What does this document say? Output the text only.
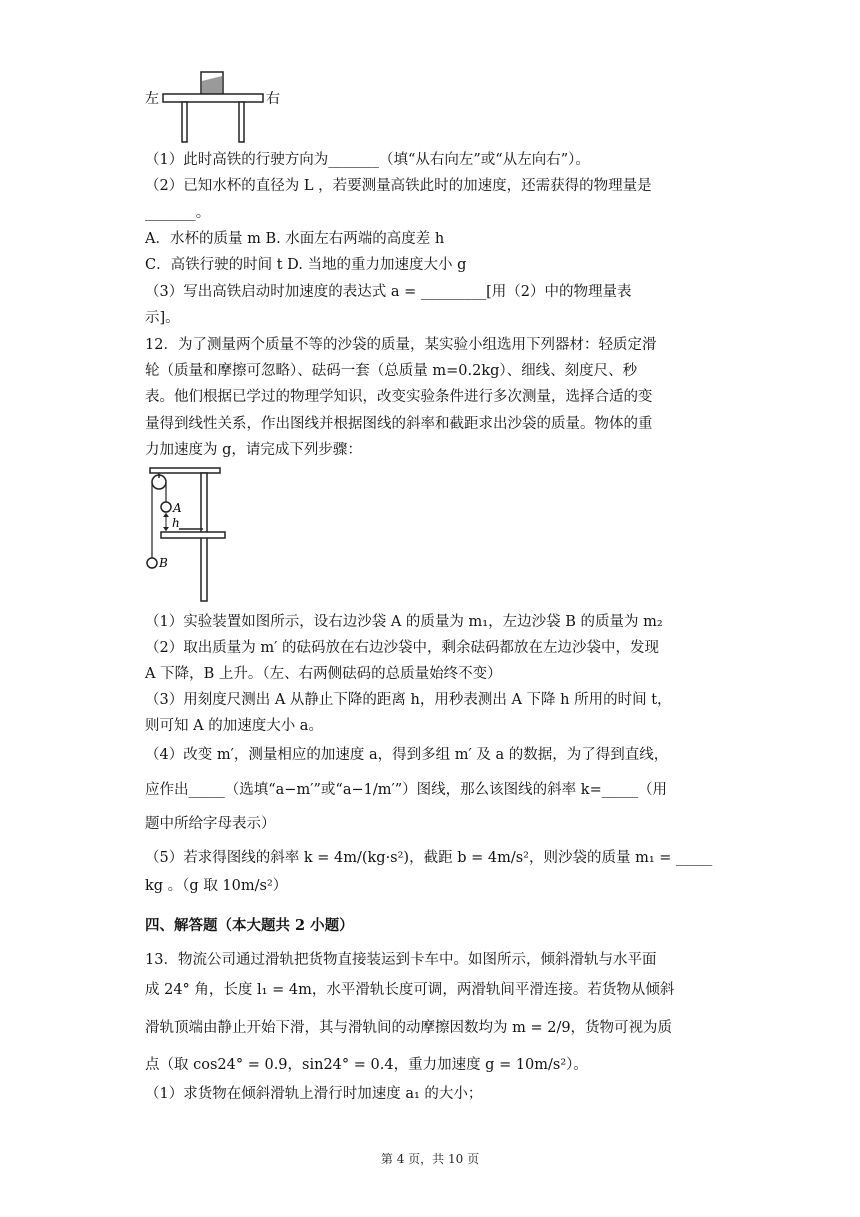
左	右
A
h
B
（1）此时高铁的行驶方向为_______（填“从右向左”或“从左向右”）。
（2）已知水杯的直径为 L ，若要测量高铁此时的加速度，还需获得的物理量是
_______。
A．水杯的质量 m B. 水面左右两端的高度差 h
C．高铁行驶的时间 t D. 当地的重力加速度大小 g
（3）写出高铁启动时加速度的表达式 a = _________[用（2）中的物理量表
示]。
12．为了测量两个质量不等的沙袋的质量，某实验小组选用下列器材：轻质定滑
轮（质量和摩擦可忽略）、砝码一套（总质量 m=0.2kg）、细线、刻度尺、秒
表。他们根据已学过的物理学知识，改变实验条件进行多次测量，选择合适的变
量得到线性关系，作出图线并根据图线的斜率和截距求出沙袋的质量。物体的重
力加速度为 g，请完成下列步骤：
（1）实验装置如图所示，设右边沙袋 A 的质量为 m₁，左边沙袋 B 的质量为 m₂
（2）取出质量为 m′ 的砝码放在右边沙袋中，剩余砝码都放在左边沙袋中，发现
A 下降，B 上升。（左、右两侧砝码的总质量始终不变）
（3）用刻度尺测出 A 从静止下降的距离 h，用秒表测出 A 下降 h 所用的时间 t，
则可知 A 的加速度大小 a。
（4）改变 m′，测量相应的加速度 a，得到多组 m′ 及 a 的数据，为了得到直线，
应作出_____（选填“a−m′”或“a−1/m′”）图线，那么该图线的斜率 k=_____（用
题中所给字母表示）
（5）若求得图线的斜率 k = 4m/(kg·s²)，截距 b = 4m/s²，则沙袋的质量 m₁ = _____
kg 。（g 取 10m/s²）
四、解答题（本大题共 2 小题）
13．物流公司通过滑轨把货物直接装运到卡车中。如图所示，倾斜滑轨与水平面
成 24° 角，长度 l₁ = 4m，水平滑轨长度可调，两滑轨间平滑连接。若货物从倾斜
滑轨顶端由静止开始下滑，其与滑轨间的动摩擦因数均为 m = 2/9，货物可视为质
点（取 cos24° = 0.9，sin24° = 0.4，重力加速度 g = 10m/s²）。
（1）求货物在倾斜滑轨上滑行时加速度 a₁ 的大小；
第 4 页，共 10 页
